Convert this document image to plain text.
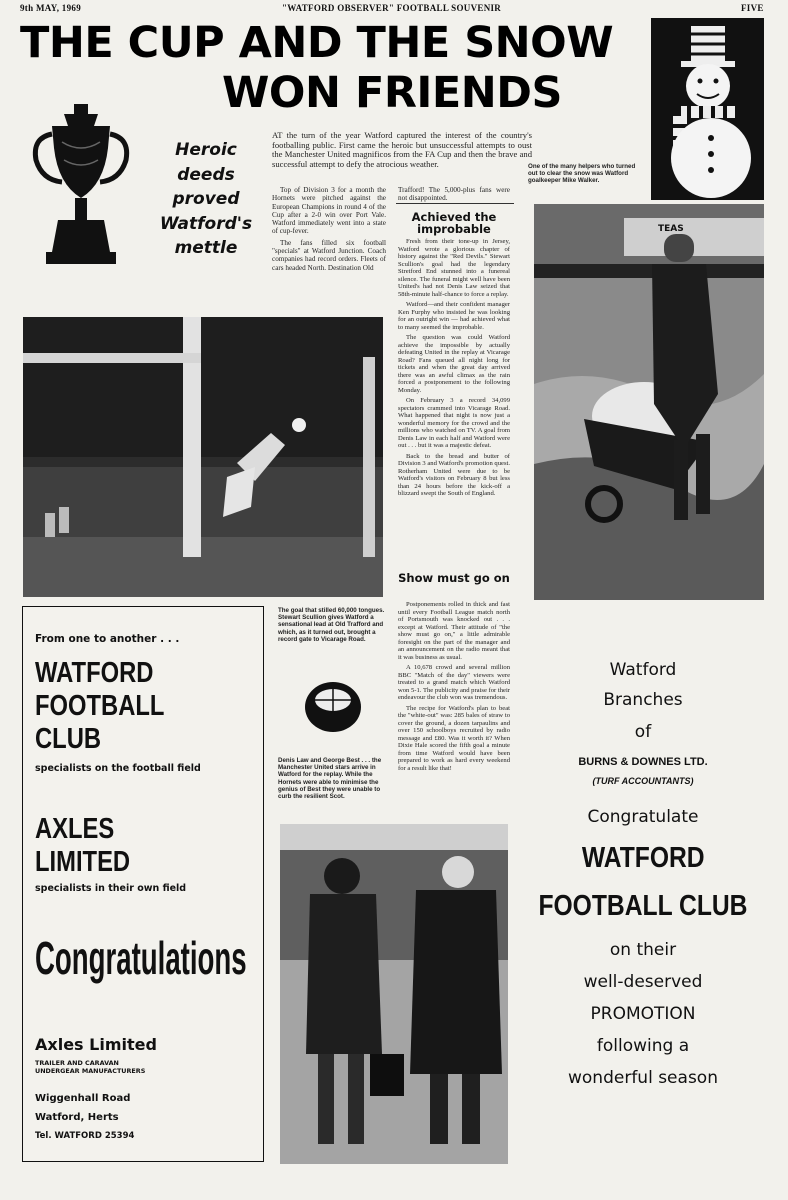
9th MAY, 1969	"WATFORD OBSERVER" FOOTBALL SOUVENIR	FIVE
THE CUP AND THE SNOW
WON FRIENDS
Heroic
deeds
proved
Watford's
mettle
AT the turn of the year Watford captured the interest of the country's footballing public. First came the heroic but unsuccessful attempts to oust the Manchester United magnificos from the FA Cup and then the brave and successful attempt to defy the atrocious weather.

Top of Division 3 for a month the Hornets were pitched against the European Champions in round 4 of the Cup after a 2-0 win over Port Vale. Watford immediately went into a state of cup-fever.

The fans filled six football "specials" at Watford Junction. Coach companies had record orders. Fleets of cars headed North. Destination Old

Trafford! The 5,000-plus fans were not disappointed.

Achieved the improbable

Fresh from their tone-up in Jersey, Watford wrote a glorious chapter of history against the "Red Devils." Stewart Scullion's goal had the legendary Stretford End stunned into a funereal silence. The funeral might well have been United's had not Denis Law seized that 58th-minute half-chance to force a replay.

Watford—and their confident manager Ken Furphy who insisted he was looking for an outright win — had achieved what to many seemed the improbable.

The question was could Watford achieve the impossible by actually defeating United in the replay at Vicarage Road? Fans queued all night long for tickets and when the great day arrived there was an awful climax as the rain forced a postponement to the following Monday.

On February 3 a record 34,099 spectators crammed into Vicarage Road. What happened that night is now just a wonderful memory for the crowd and the millions who watched on TV. A goal from Denis Law in each half and Watford were out . . . but it was a majestic defeat.

Back to the bread and butter of Division 3 and Watford's promotion quest. Rotherham United were due to be Watford's visitors on February 8 but less than 24 hours before the kick-off a blizzard swept the South of England.

Show must go on

Postponements rolled in thick and fast until every Football League match north of Portsmouth was knocked out . . . except at Watford. Their attitude of "the show must go on," a little admirable foresight on the part of the manager and an announcement on the radio meant that it was business as usual.

A 10,678 crowd and several million BBC "Match of the day" viewers were treated to a grand match which Watford won 5-1. The publicity and praise for their endeavour the club won was tremendous.

The recipe for Watford's plan to beat the "white-out" was: 285 bales of straw to cover the ground, a dozen tarpaulins and over 150 schoolboys recruited by radio message and £80. Was it worth it? When Dixie Hale scored the fifth goal a minute from time Watford would have been prepared to work as hard every weekend for a result like that!

One of the many helpers who turned out to clear the snow was Watford goalkeeper Mike Walker.
TEAS
The goal that stilled 60,000 tongues. Stewart Scullion gives Watford a sensational lead at Old Trafford and which, as it turned out, brought a record gate to Vicarage Road.
Denis Law and George Best . . . the Manchester United stars arrive in Watford for the replay. While the Hornets were able to minimise the genius of Best they were unable to curb the resilient Scot.
From one to another . . .
WATFORD
FOOTBALL
CLUB
specialists on the football field
AXLES
LIMITED
specialists in their own field
Congratulations
Axles Limited
TRAILER AND CARAVAN UNDERGEAR MANUFACTURERS
Wiggenhall Road
Watford, Herts
Tel. WATFORD 25394
Watford
Branches
of
BURNS & DOWNES LTD.
(TURF ACCOUNTANTS)
Congratulate
WATFORD
FOOTBALL CLUB
on their
well-deserved
PROMOTION
following a
wonderful season
